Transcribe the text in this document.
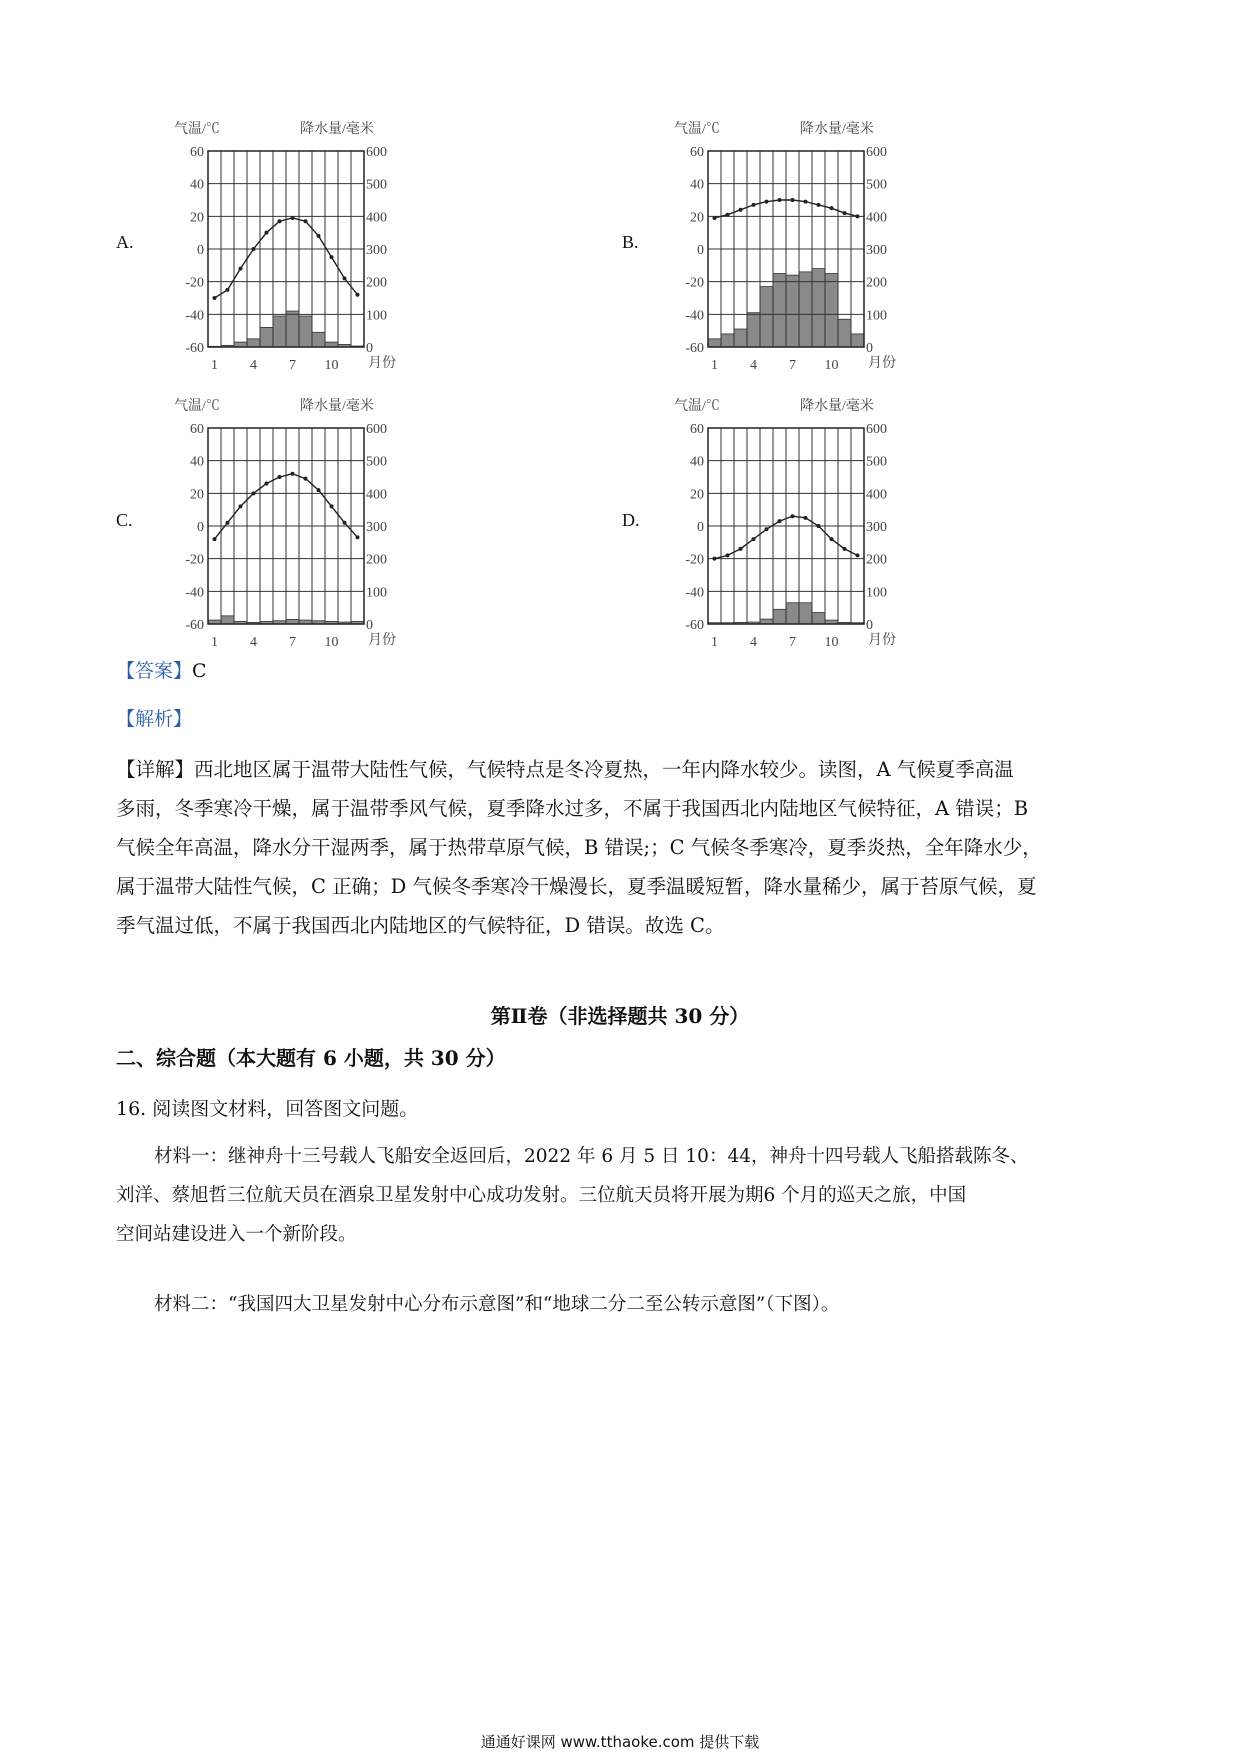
A.	B.
C.	D.
气温/℃	降水量/毫米
60
40
20
0
-20
-40
-60
600
500
400
300
200
100
0
1 4 7 10 月份
气温/℃	降水量/毫米
60
40
20
0
-20
-40
-60
600
500
400
300
200
100
0
1 4 7 10 月份
气温/℃	降水量/毫米
60
40
20
0
-20
-40
-60
600
500
400
300
200
100
0
1 4 7 10 月份
气温/℃	降水量/毫米
60
40
20
0
-20
-40
-60
600
500
400
300
200
100
0
1 4 7 10 月份
【答案】C
【解析】
【详解】西北地区属于温带大陆性气候，气候特点是冬冷夏热，一年内降水较少。读图，A 气候夏季高温
多雨，冬季寒冷干燥，属于温带季风气候，夏季降水过多，不属于我国西北内陆地区气候特征，A 错误；B
气候全年高温，降水分干湿两季，属于热带草原气候，B 错误;；C 气候冬季寒冷，夏季炎热，全年降水少，
属于温带大陆性气候，C 正确；D 气候冬季寒冷干燥漫长，夏季温暖短暂，降水量稀少，属于苔原气候，夏
季气温过低，不属于我国西北内陆地区的气候特征，D 错误。故选 C。
第Ⅱ卷（非选择题共 30 分）
二、综合题（本大题有 6 小题，共 30 分）
16. 阅读图文材料，回答图文问题。
材料一：继神舟十三号载人飞船安全返回后，2022 年 6 月 5 日 10：44，神舟十四号载人飞船搭载陈冬、
刘洋、蔡旭哲三位航天员在酒泉卫星发射中心成功发射。三位航天员将开展为期6 个月的巡天之旅，中国
空间站建设进入一个新阶段。
材料二：“我国四大卫星发射中心分布示意图”和“地球二分二至公转示意图”（下图）。
通通好课网 www.tthaoke.com 提供下载
